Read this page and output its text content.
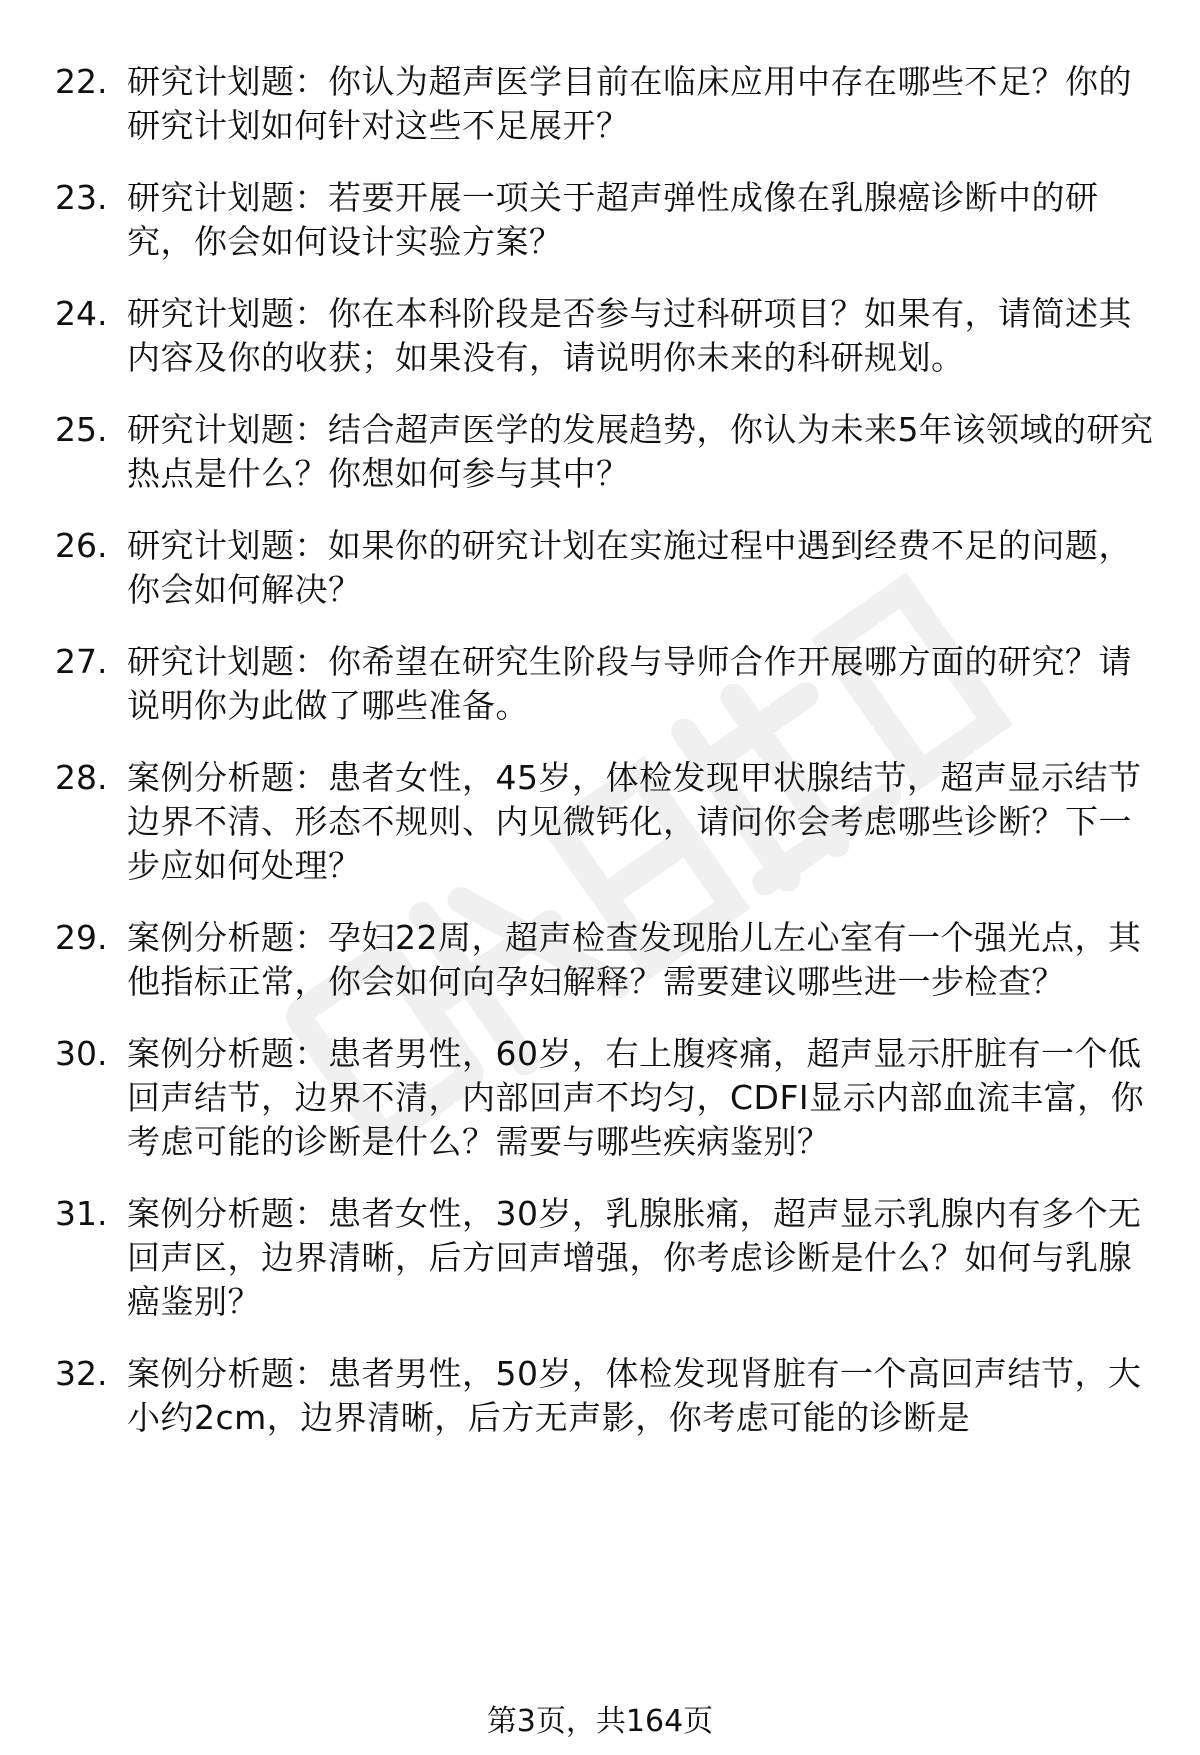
22. 研究计划题：你认为超声医学目前在临床应用中存在哪些不足？你的研究计划如何针对这些不足展开？
23. 研究计划题：若要开展一项关于超声弹性成像在乳腺癌诊断中的研究，你会如何设计实验方案？
24. 研究计划题：你在本科阶段是否参与过科研项目？如果有，请简述其内容及你的收获；如果没有，请说明你未来的科研规划。
25. 研究计划题：结合超声医学的发展趋势，你认为未来5年该领域的研究热点是什么？你想如何参与其中？
26. 研究计划题：如果你的研究计划在实施过程中遇到经费不足的问题，你会如何解决？
27. 研究计划题：你希望在研究生阶段与导师合作开展哪方面的研究？请说明你为此做了哪些准备。
28. 案例分析题：患者女性，45岁，体检发现甲状腺结节，超声显示结节边界不清、形态不规则、内见微钙化，请问你会考虑哪些诊断？下一步应如何处理？
29. 案例分析题：孕妇22周，超声检查发现胎儿左心室有一个强光点，其他指标正常，你会如何向孕妇解释？需要建议哪些进一步检查？
30. 案例分析题：患者男性，60岁，右上腹疼痛，超声显示肝脏有一个低回声结节，边界不清，内部回声不均匀，CDFI显示内部血流丰富，你考虑可能的诊断是什么？需要与哪些疾病鉴别？
31. 案例分析题：患者女性，30岁，乳腺胀痛，超声显示乳腺内有多个无回声区，边界清晰，后方回声增强，你考虑诊断是什么？如何与乳腺癌鉴别？
32. 案例分析题：患者男性，50岁，体检发现肾脏有一个高回声结节，大小约2cm，边界清晰，后方无声影，你考虑可能的诊断是
第3页，共164页
